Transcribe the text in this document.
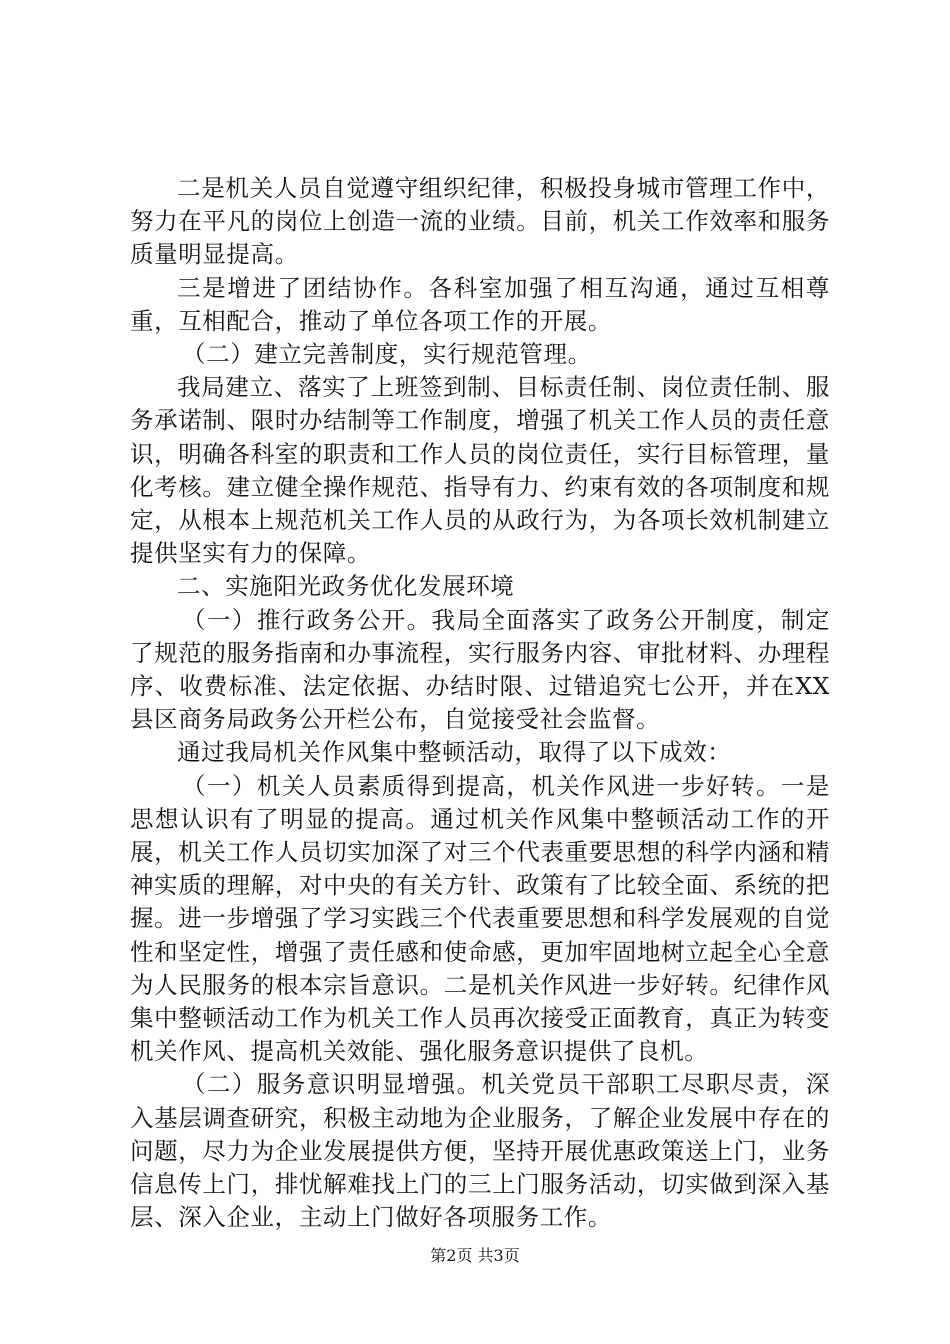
二是机关人员自觉遵守组织纪律，积极投身城市管理工作中，努力在平凡的岗位上创造一流的业绩。目前，机关工作效率和服务质量明显提高。

三是增进了团结协作。各科室加强了相互沟通，通过互相尊重，互相配合，推动了单位各项工作的开展。

（二）建立完善制度，实行规范管理。

我局建立、落实了上班签到制、目标责任制、岗位责任制、服务承诺制、限时办结制等工作制度，增强了机关工作人员的责任意识，明确各科室的职责和工作人员的岗位责任，实行目标管理，量化考核。建立健全操作规范、指导有力、约束有效的各项制度和规定，从根本上规范机关工作人员的从政行为，为各项长效机制建立提供坚实有力的保障。

二、实施阳光政务优化发展环境

（一）推行政务公开。我局全面落实了政务公开制度，制定了规范的服务指南和办事流程，实行服务内容、审批材料、办理程序、收费标准、法定依据、办结时限、过错追究七公开，并在XX县区商务局政务公开栏公布，自觉接受社会监督。

通过我局机关作风集中整顿活动，取得了以下成效：

（一）机关人员素质得到提高，机关作风进一步好转。一是思想认识有了明显的提高。通过机关作风集中整顿活动工作的开展，机关工作人员切实加深了对三个代表重要思想的科学内涵和精神实质的理解，对中央的有关方针、政策有了比较全面、系统的把握。进一步增强了学习实践三个代表重要思想和科学发展观的自觉性和坚定性，增强了责任感和使命感，更加牢固地树立起全心全意为人民服务的根本宗旨意识。二是机关作风进一步好转。纪律作风集中整顿活动工作为机关工作人员再次接受正面教育，真正为转变机关作风、提高机关效能、强化服务意识提供了良机。

（二）服务意识明显增强。机关党员干部职工尽职尽责，深入基层调查研究，积极主动地为企业服务，了解企业发展中存在的问题，尽力为企业发展提供方便，坚持开展优惠政策送上门，业务信息传上门，排忧解难找上门的三上门服务活动，切实做到深入基层、深入企业，主动上门做好各项服务工作。

第2页 共3页
